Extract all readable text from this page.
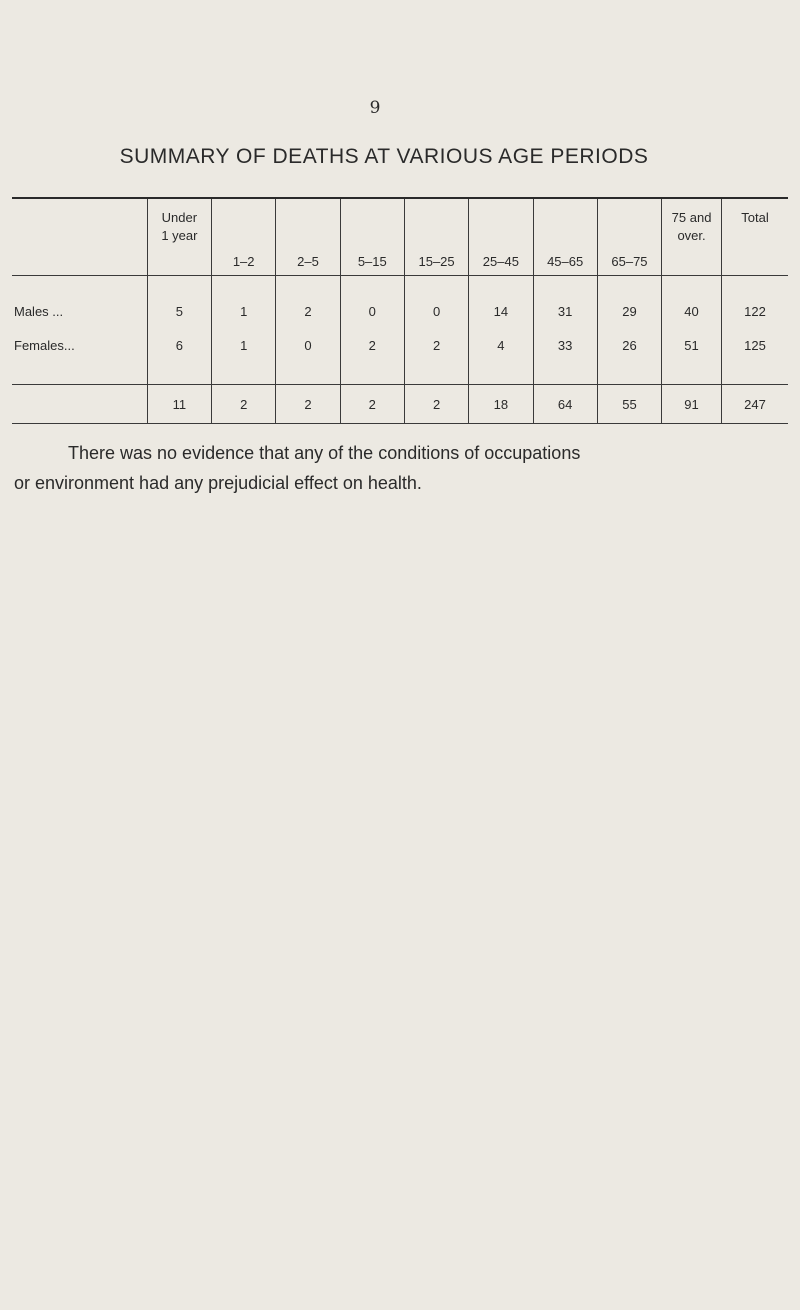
9
SUMMARY OF DEATHS AT VARIOUS AGE PERIODS
	Under
1 year	1–2	2–5	5–15	15–25	25–45	45–65	65–75	75 and
over.	Total
Males ...	5	1	2	0	0	14	31	29	40	122
Females...	6	1	0	2	2	4	33	26	51	125
	11	2	2	2	2	18	64	55	91	247
There was no evidence that any of the conditions of occupations
or environment had any prejudicial effect on health.
